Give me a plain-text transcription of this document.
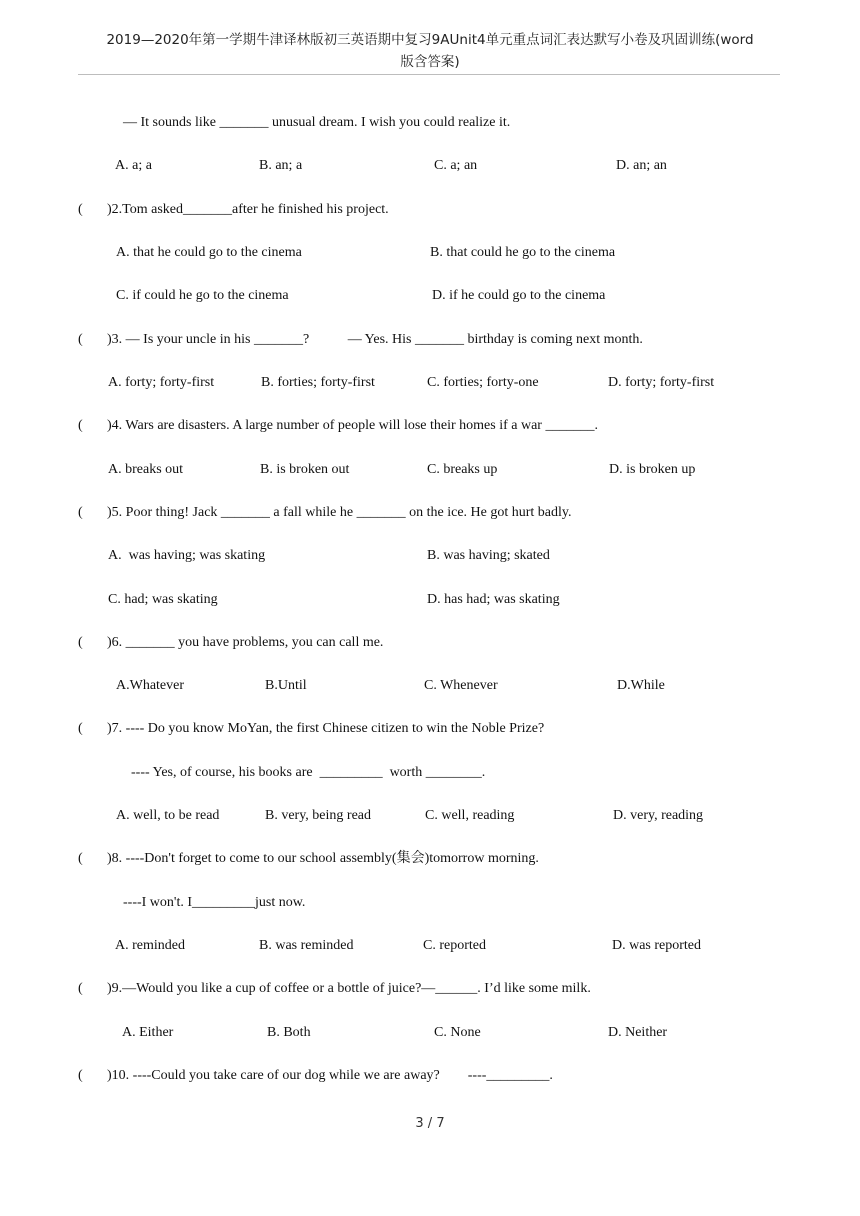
2019—2020年第一学期牛津译林版初三英语期中复习9AUnit4单元重点词汇表达默写小卷及巩固训练(word
版含答案)
— It sounds like _______ unusual dream. I wish you could realize it.
A. a; a	B. an; a	C. a; an	D. an; an
( )2.Tom asked_______after he finished his project.
A. that he could go to the cinema	B. that could he go to the cinema
C. if could he go to the cinema	D. if he could go to the cinema
( )3. — Is your uncle in his _______?           — Yes. His _______ birthday is coming next month.
A. forty; forty-first	B. forties; forty-first	C. forties; forty-one	D. forty; forty-first
( )4. Wars are disasters. A large number of people will lose their homes if a war _______.
A. breaks out	B. is broken out	C. breaks up	D. is broken up
( )5. Poor thing! Jack _______ a fall while he _______ on the ice. He got hurt badly.
A.  was having; was skating	B. was having; skated
C. had; was skating	D. has had; was skating
( )6. _______ you have problems, you can call me.
A.Whatever	B.Until	C. Whenever	D.While
( )7. ---- Do you know MoYan, the first Chinese citizen to win the Noble Prize?
---- Yes, of course, his books are  _________  worth ________.
A. well, to be read	B. very, being read	C. well, reading	D. very, reading
( )8. ----Don't forget to come to our school assembly(集会)tomorrow morning.
----I won't. I_________just now.
A. reminded	B. was reminded	C. reported	D. was reported
( )9.—Would you like a cup of coffee or a bottle of juice?—______. I’d like some milk.
A. Either	B. Both	C. None	D. Neither
( )10. ----Could you take care of our dog while we are away?        ----_________.
3 / 7
